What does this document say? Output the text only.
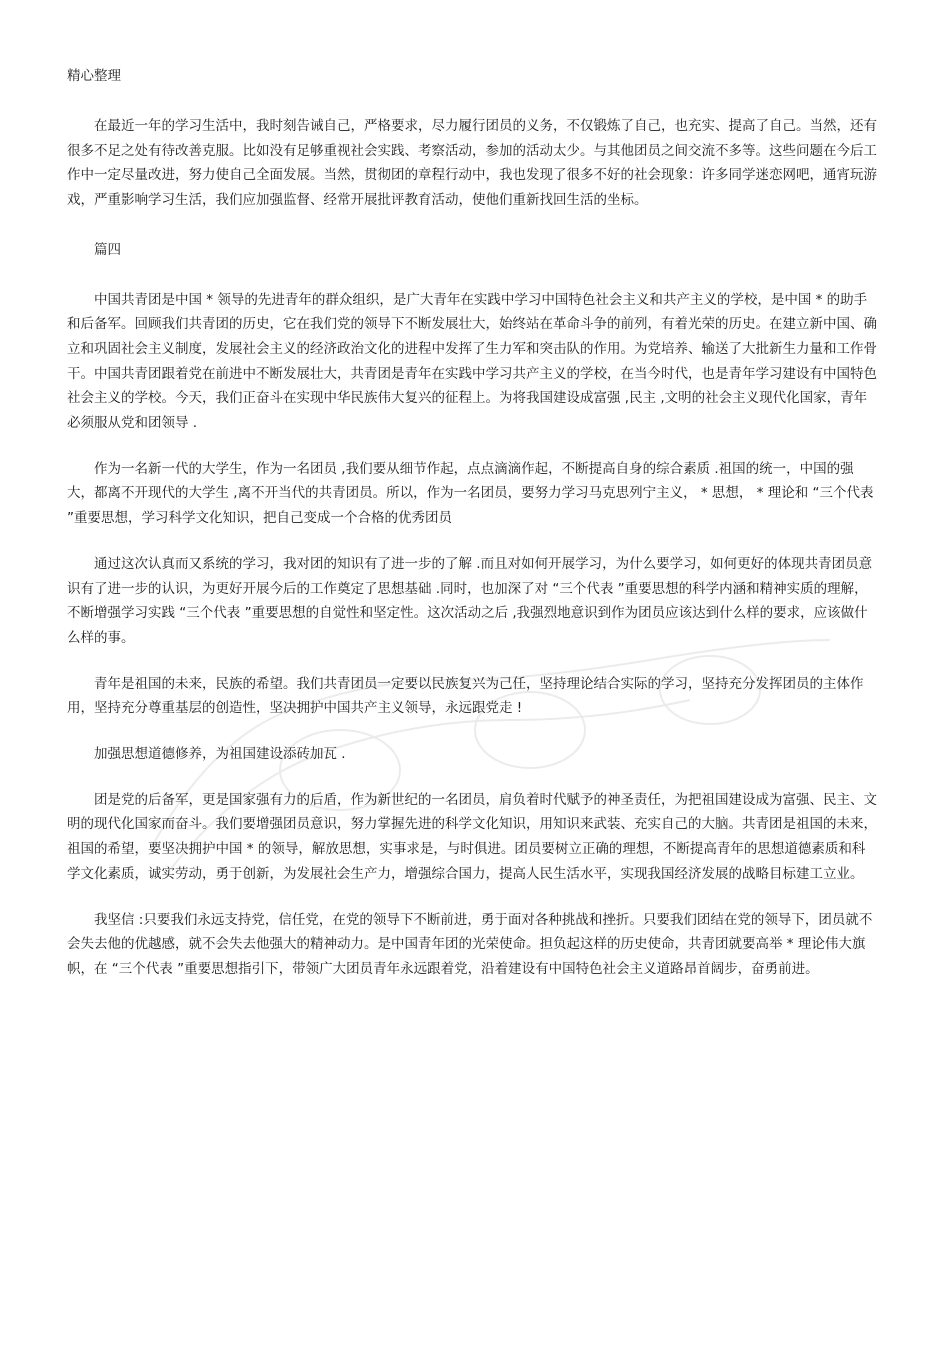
精心整理

在最近一年的学习生活中，我时刻告诫自己，严格要求，尽力履行团员的义务，不仅锻炼了自己，也充实、提高了自己。当然，还有很多不足之处有待改善克服。比如没有足够重视社会实践、考察活动，参加的活动太少。与其他团员之间交流不多等。这些问题在今后工作中一定尽量改进，努力使自己全面发展。当然，贯彻团的章程行动中，我也发现了很多不好的社会现象：许多同学迷恋网吧，通宵玩游戏，严重影响学习生活，我们应加强监督、经常开展批评教育活动，使他们重新找回生活的坐标。

篇四

中国共青团是中国 * 领导的先进青年的群众组织，是广大青年在实践中学习中国特色社会主义和共产主义的学校，是中国 * 的助手和后备军。回顾我们共青团的历史，它在我们党的领导下不断发展壮大，始终站在革命斗争的前列，有着光荣的历史。在建立新中国、确立和巩固社会主义制度，发展社会主义的经济政治文化的进程中发挥了生力军和突击队的作用。为党培养、输送了大批新生力量和工作骨干。中国共青团跟着党在前进中不断发展壮大，共青团是青年在实践中学习共产主义的学校，在当今时代，也是青年学习建设有中国特色社会主义的学校。今天，我们正奋斗在实现中华民族伟大复兴的征程上。为将我国建设成富强 ,民主 ,文明的社会主义现代化国家，青年必须服从党和团领导 .

作为一名新一代的大学生，作为一名团员 ,我们要从细节作起，点点滴滴作起，不断提高自身的综合素质 .祖国的统一，中国的强大，都离不开现代的大学生 ,离不开当代的共青团员。所以，作为一名团员，要努力学习马克思列宁主义， * 思想， * 理论和 “三个代表 ”重要思想，学习科学文化知识，把自己变成一个合格的优秀团员

通过这次认真而又系统的学习，我对团的知识有了进一步的了解 .而且对如何开展学习，为什么要学习，如何更好的体现共青团员意识有了进一步的认识，为更好开展今后的工作奠定了思想基础 .同时，也加深了对 “三个代表 ”重要思想的科学内涵和精神实质的理解，不断增强学习实践 “三个代表 ”重要思想的自觉性和坚定性。这次活动之后 ,我强烈地意识到作为团员应该达到什么样的要求，应该做什么样的事。

青年是祖国的未来，民族的希望。我们共青团员一定要以民族复兴为己任，坚持理论结合实际的学习，坚持充分发挥团员的主体作用，坚持充分尊重基层的创造性，坚决拥护中国共产主义领导，永远跟党走 !

加强思想道德修养，为祖国建设添砖加瓦 .

团是党的后备军，更是国家强有力的后盾，作为新世纪的一名团员，肩负着时代赋予的神圣责任，为把祖国建设成为富强、民主、文明的现代化国家而奋斗。我们要增强团员意识，努力掌握先进的科学文化知识，用知识来武装、充实自己的大脑。共青团是祖国的未来，祖国的希望，要坚决拥护中国 * 的领导，解放思想，实事求是，与时俱进。团员要树立正确的理想，不断提高青年的思想道德素质和科学文化素质，诚实劳动，勇于创新，为发展社会生产力，增强综合国力，提高人民生活水平，实现我国经济发展的战略目标建工立业。

我坚信 :只要我们永远支持党，信任党，在党的领导下不断前进，勇于面对各种挑战和挫折。只要我们团结在党的领导下，团员就不会失去他的优越感，就不会失去他强大的精神动力。是中国青年团的光荣使命。担负起这样的历史使命，共青团就要高举 * 理论伟大旗帜，在 “三个代表 ”重要思想指引下，带领广大团员青年永远跟着党，沿着建设有中国特色社会主义道路昂首阔步，奋勇前进。
